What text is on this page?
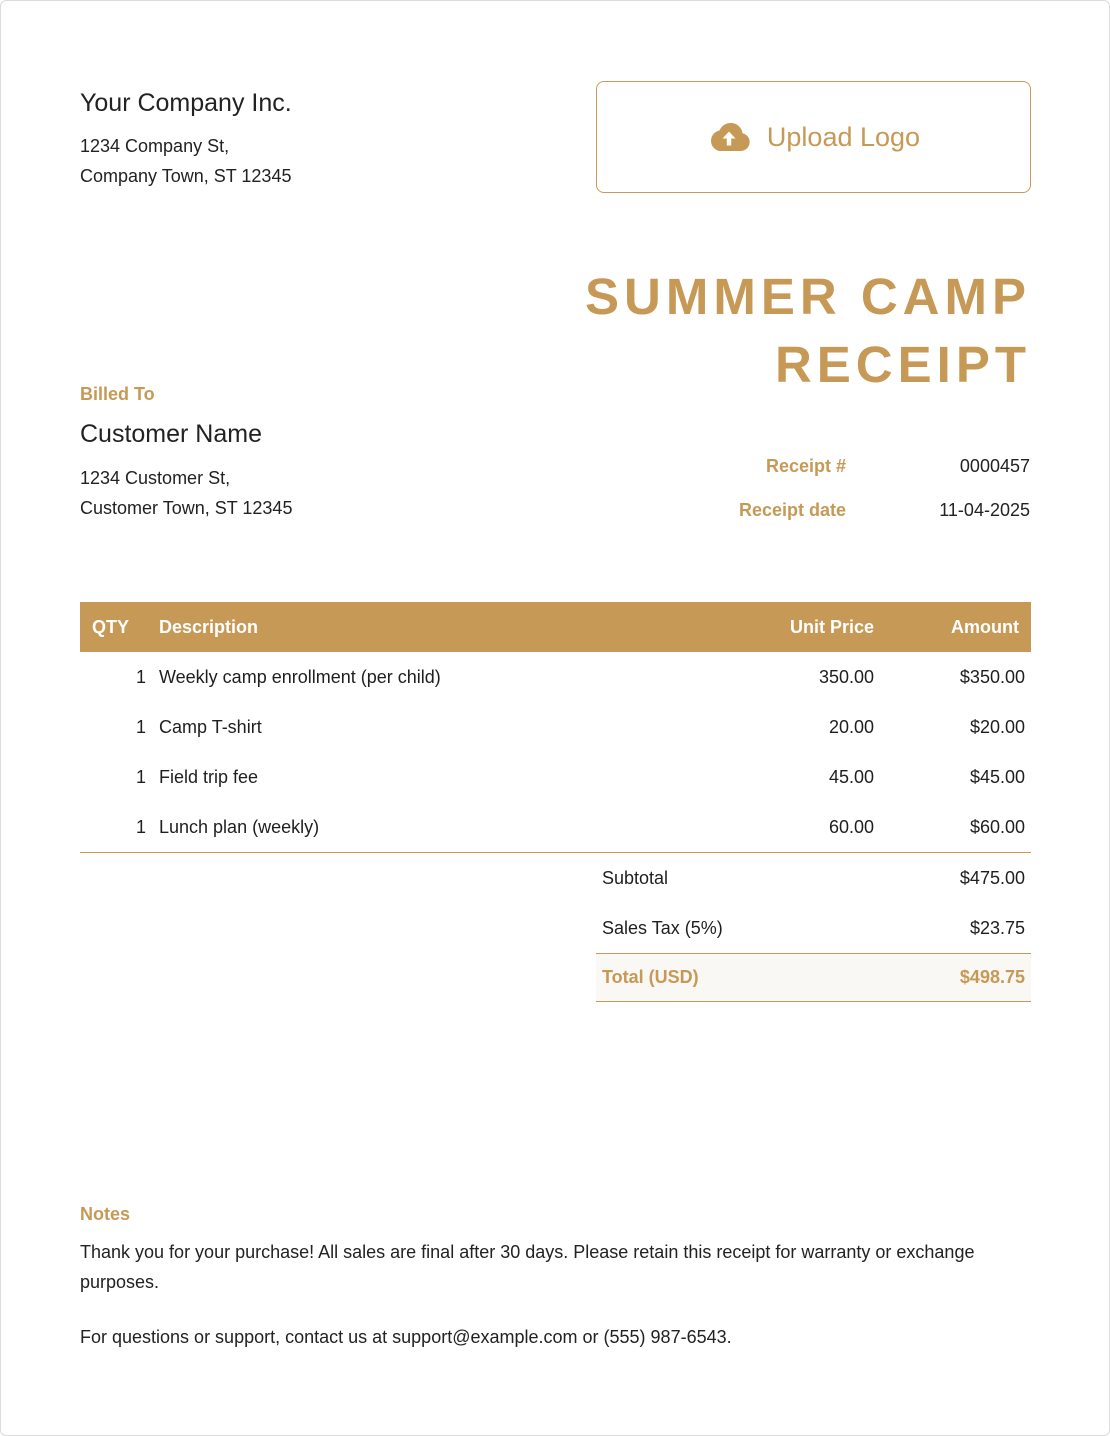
Your Company Inc.
1234 Company St,
Company Town, ST 12345
Upload Logo
SUMMER CAMP
RECEIPT
Billed To
Customer Name
1234 Customer St,
Customer Town, ST 12345
Receipt #	0000457
Receipt date	11-04-2025
QTY	Description	Unit Price	Amount
1	Weekly camp enrollment (per child)	350.00	$350.00
1	Camp T-shirt	20.00	$20.00
1	Field trip fee	45.00	$45.00
1	Lunch plan (weekly)	60.00	$60.00
Subtotal	$475.00
Sales Tax (5%)	$23.75
Total (USD)	$498.75
Notes
Thank you for your purchase! All sales are final after 30 days. Please retain this receipt for warranty or exchange purposes.
For questions or support, contact us at support@example.com or (555) 987-6543.
